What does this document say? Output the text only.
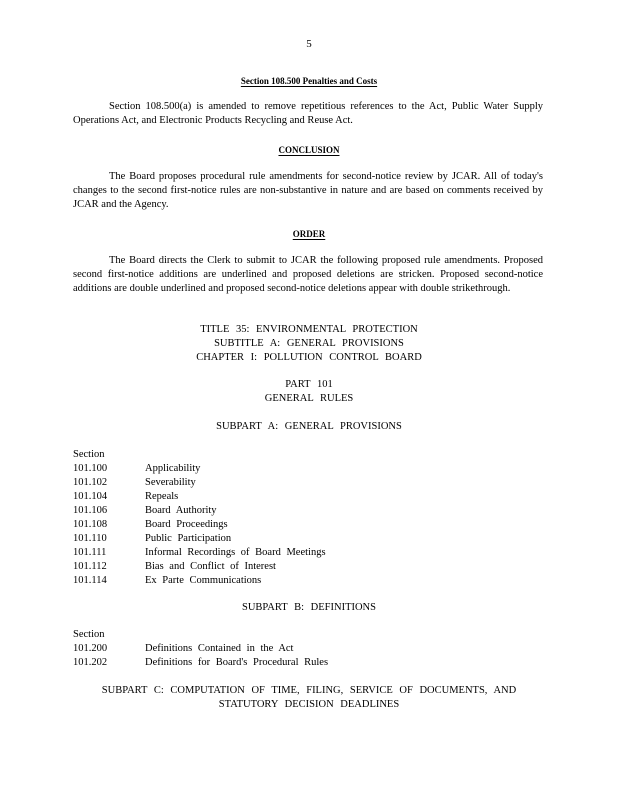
5
Section 108.500 Penalties and Costs

Section 108.500(a) is amended to remove repetitious references to the Act, Public Water Supply Operations Act, and Electronic Products Recycling and Reuse Act.

CONCLUSION

The Board proposes procedural rule amendments for second-notice review by JCAR. All of today's changes to the second first-notice rules are non-substantive in nature and are based on comments received by JCAR and the Agency.

ORDER

The Board directs the Clerk to submit to JCAR the following proposed rule amendments. Proposed second first-notice additions are underlined and proposed deletions are stricken. Proposed second-notice additions are double underlined and proposed second-notice deletions appear with double strikethrough.

TITLE 35: ENVIRONMENTAL PROTECTION
SUBTITLE A: GENERAL PROVISIONS
CHAPTER I: POLLUTION CONTROL BOARD
PART 101
GENERAL RULES
SUBPART A: GENERAL PROVISIONS
Section
101.100	Applicability
101.102	Severability
101.104	Repeals
101.106	Board Authority
101.108	Board Proceedings
101.110	Public Participation
101.111	Informal Recordings of Board Meetings
101.112	Bias and Conflict of Interest
101.114	Ex Parte Communications
SUBPART B: DEFINITIONS
Section
101.200	Definitions Contained in the Act
101.202	Definitions for Board's Procedural Rules
SUBPART C: COMPUTATION OF TIME, FILING, SERVICE OF DOCUMENTS, AND
STATUTORY DECISION DEADLINES
